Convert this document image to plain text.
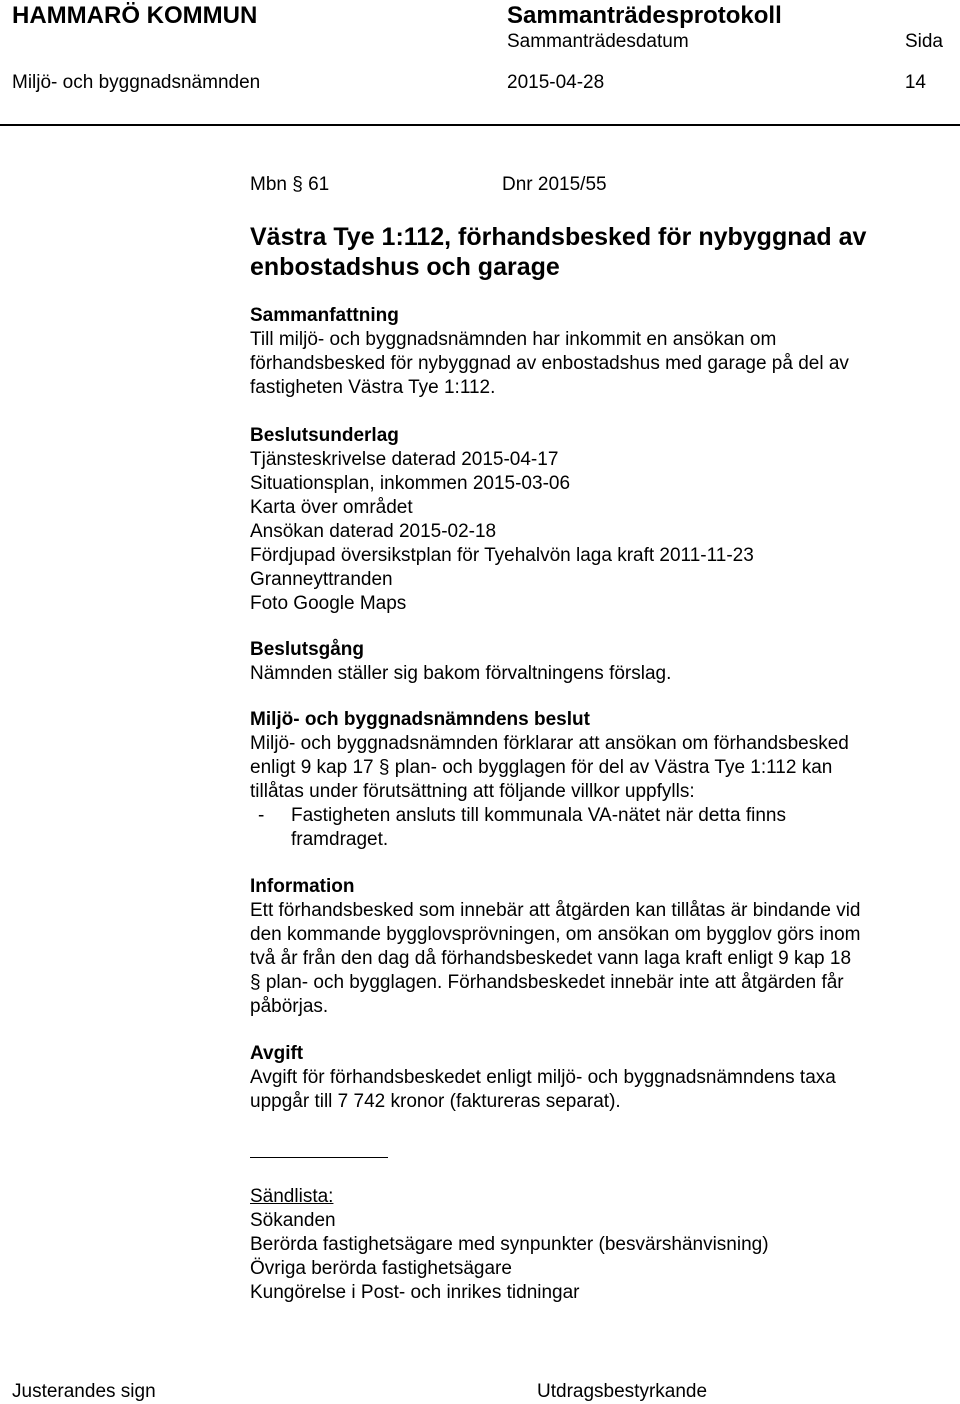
HAMMARÖ KOMMUN	Sammanträdesprotokoll
Sammanträdesdatum	Sida
Miljö- och byggnadsnämnden	2015-04-28	14
Mbn § 61	Dnr 2015/55
Västra Tye 1:112, förhandsbesked för nybyggnad av
enbostadshus och garage

Sammanfattning

Till miljö- och byggnadsnämnden har inkommit en ansökan om

förhandsbesked för nybyggnad av enbostadshus med garage på del av

fastigheten Västra Tye 1:112.

Beslutsunderlag

Tjänsteskrivelse daterad 2015-04-17

Situationsplan, inkommen 2015-03-06

Karta över området

Ansökan daterad 2015-02-18

Fördjupad översikstplan för Tyehalvön laga kraft 2011-11-23

Granneyttranden

Foto Google Maps

Beslutsgång

Nämnden ställer sig bakom förvaltningens förslag.

Miljö- och byggnadsnämndens beslut

Miljö- och byggnadsnämnden förklarar att ansökan om förhandsbesked

enligt 9 kap 17 § plan- och bygglagen för del av Västra Tye 1:112 kan

tillåtas under förutsättning att följande villkor uppfylls:

-	Fastigheten ansluts till kommunala VA-nätet när detta finns

framdraget.

Information

Ett förhandsbesked som innebär att åtgärden kan tillåtas är bindande vid

den kommande bygglovsprövningen, om ansökan om bygglov görs inom

två år från den dag då förhandsbeskedet vann laga kraft enligt 9 kap 18

§ plan- och bygglagen. Förhandsbeskedet innebär inte att åtgärden får

påbörjas.

Avgift

Avgift för förhandsbeskedet enligt miljö- och byggnadsnämndens taxa

uppgår till 7 742 kronor (faktureras separat).

Sändlista:

Sökanden

Berörda fastighetsägare med synpunkter (besvärshänvisning)

Övriga berörda fastighetsägare

Kungörelse i Post- och inrikes tidningar

Justerandes sign	Utdragsbestyrkande
